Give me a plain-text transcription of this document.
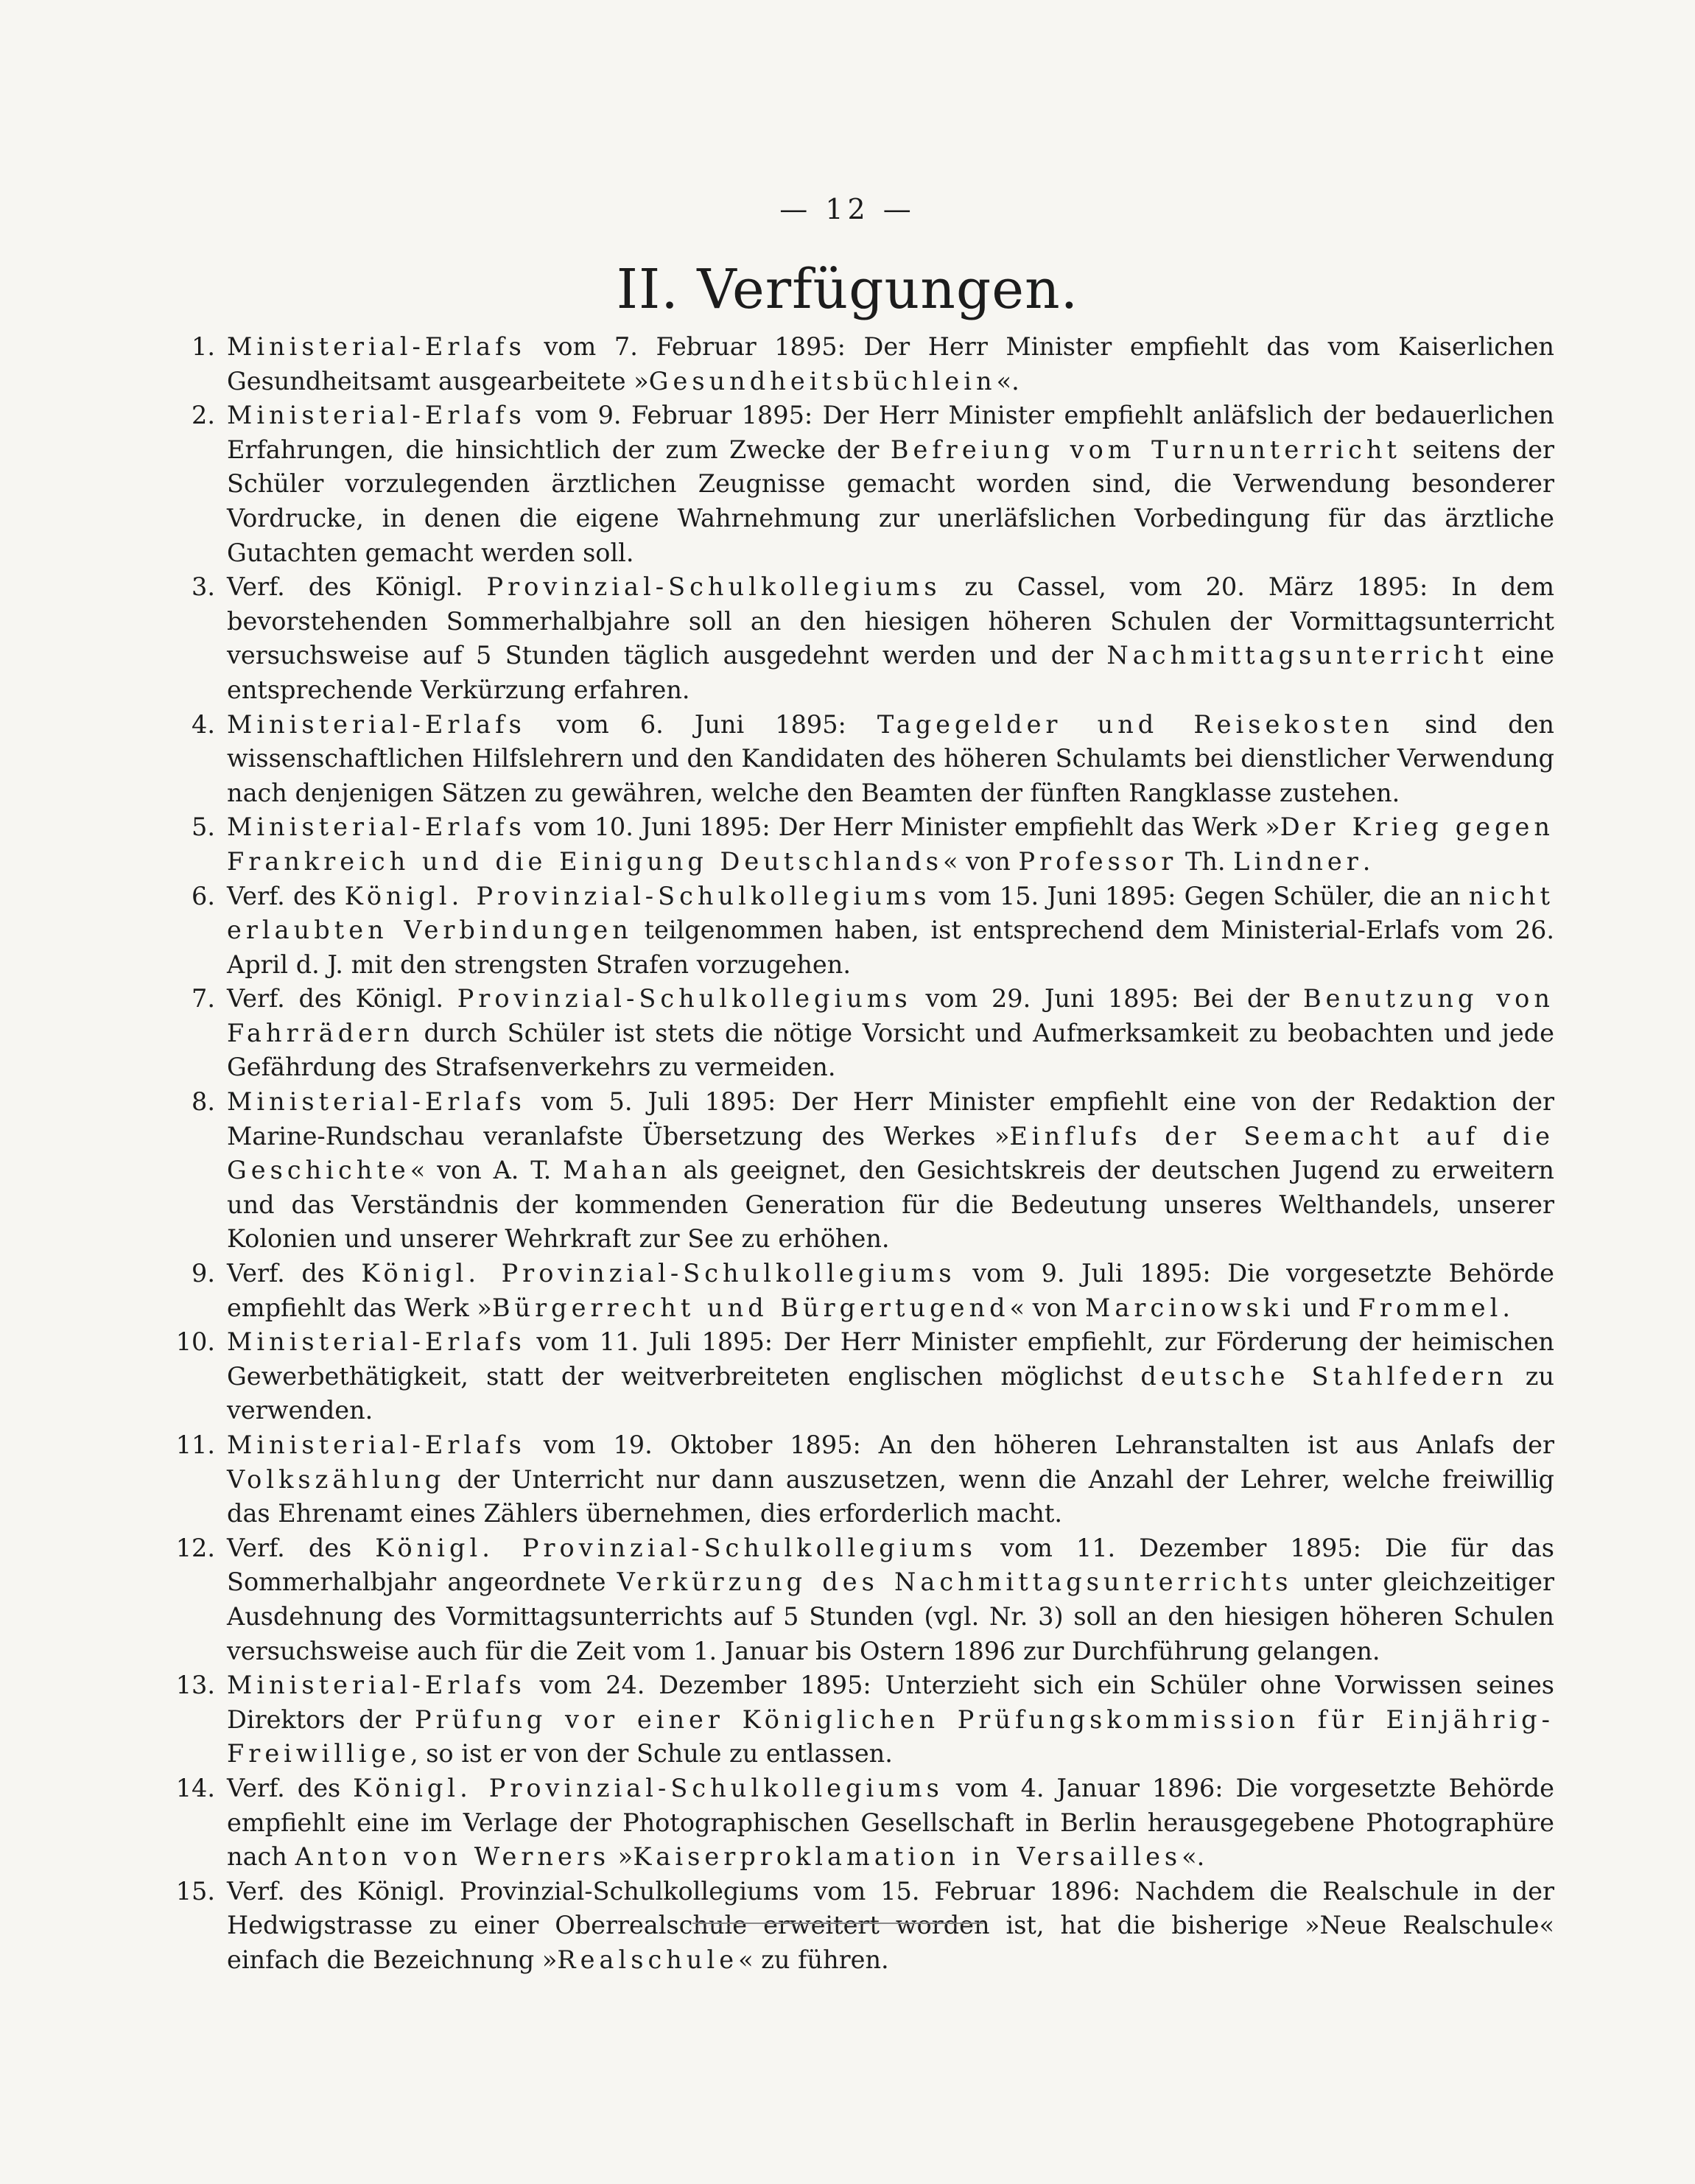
— 12 —
II. Verfügungen.
1. Ministerial-Erlafs vom 7. Februar 1895: Der Herr Minister empfiehlt das vom Kaiserlichen Gesundheitsamt ausgearbeitete »Gesundheitsbüchlein«.
2. Ministerial-Erlafs vom 9. Februar 1895: Der Herr Minister empfiehlt anläfslich der bedauerlichen Erfahrungen, die hinsichtlich der zum Zwecke der Befreiung vom Turnunterricht seitens der Schüler vorzulegenden ärztlichen Zeugnisse gemacht worden sind, die Verwendung besonderer Vordrucke, in denen die eigene Wahrnehmung zur unerläfslichen Vorbedingung für das ärztliche Gutachten gemacht werden soll.
3. Verf. des Königl. Provinzial-Schulkollegiums zu Cassel, vom 20. März 1895: In dem bevorstehenden Sommerhalbjahre soll an den hiesigen höheren Schulen der Vormittagsunterricht versuchsweise auf 5 Stunden täglich ausgedehnt werden und der Nachmittagsunterricht eine entsprechende Verkürzung erfahren.
4. Ministerial-Erlafs vom 6. Juni 1895: Tagegelder und Reisekosten sind den wissenschaftlichen Hilfslehrern und den Kandidaten des höheren Schulamts bei dienstlicher Verwendung nach denjenigen Sätzen zu gewähren, welche den Beamten der fünften Rangklasse zustehen.
5. Ministerial-Erlafs vom 10. Juni 1895: Der Herr Minister empfiehlt das Werk »Der Krieg gegen Frankreich und die Einigung Deutschlands« von Professor Th. Lindner.
6. Verf. des Königl. Provinzial-Schulkollegiums vom 15. Juni 1895: Gegen Schüler, die an nicht erlaubten Verbindungen teilgenommen haben, ist entsprechend dem Ministerial-Erlafs vom 26. April d. J. mit den strengsten Strafen vorzugehen.
7. Verf. des Königl. Provinzial-Schulkollegiums vom 29. Juni 1895: Bei der Benutzung von Fahrrädern durch Schüler ist stets die nötige Vorsicht und Aufmerksamkeit zu beobachten und jede Gefährdung des Strafsenverkehrs zu vermeiden.
8. Ministerial-Erlafs vom 5. Juli 1895: Der Herr Minister empfiehlt eine von der Redaktion der Marine-Rundschau veranlafste Übersetzung des Werkes »Einflufs der Seemacht auf die Geschichte« von A. T. Mahan als geeignet, den Gesichtskreis der deutschen Jugend zu erweitern und das Verständnis der kommenden Generation für die Bedeutung unseres Welthandels, unserer Kolonien und unserer Wehrkraft zur See zu erhöhen.
9. Verf. des Königl. Provinzial-Schulkollegiums vom 9. Juli 1895: Die vorgesetzte Behörde empfiehlt das Werk »Bürgerrecht und Bürgertugend« von Marcinowski und Frommel.
10. Ministerial-Erlafs vom 11. Juli 1895: Der Herr Minister empfiehlt, zur Förderung der heimischen Gewerbethätigkeit, statt der weitverbreiteten englischen möglichst deutsche Stahlfedern zu verwenden.
11. Ministerial-Erlafs vom 19. Oktober 1895: An den höheren Lehranstalten ist aus Anlafs der Volkszählung der Unterricht nur dann auszusetzen, wenn die Anzahl der Lehrer, welche freiwillig das Ehrenamt eines Zählers übernehmen, dies erforderlich macht.
12. Verf. des Königl. Provinzial-Schulkollegiums vom 11. Dezember 1895: Die für das Sommerhalbjahr angeordnete Verkürzung des Nachmittagsunterrichts unter gleichzeitiger Ausdehnung des Vormittagsunterrichts auf 5 Stunden (vgl. Nr. 3) soll an den hiesigen höheren Schulen versuchsweise auch für die Zeit vom 1. Januar bis Ostern 1896 zur Durchführung gelangen.
13. Ministerial-Erlafs vom 24. Dezember 1895: Unterzieht sich ein Schüler ohne Vorwissen seines Direktors der Prüfung vor einer Königlichen Prüfungskommission für Einjährig-Freiwillige, so ist er von der Schule zu entlassen.
14. Verf. des Königl. Provinzial-Schulkollegiums vom 4. Januar 1896: Die vorgesetzte Behörde empfiehlt eine im Verlage der Photographischen Gesellschaft in Berlin herausgegebene Photographüre nach Anton von Werners »Kaiserproklamation in Versailles«.
15. Verf. des Königl. Provinzial-Schulkollegiums vom 15. Februar 1896: Nachdem die Realschule in der Hedwigstrasse zu einer Oberrealschule erweitert worden ist, hat die bisherige »Neue Realschule« einfach die Bezeichnung »Realschule« zu führen.
